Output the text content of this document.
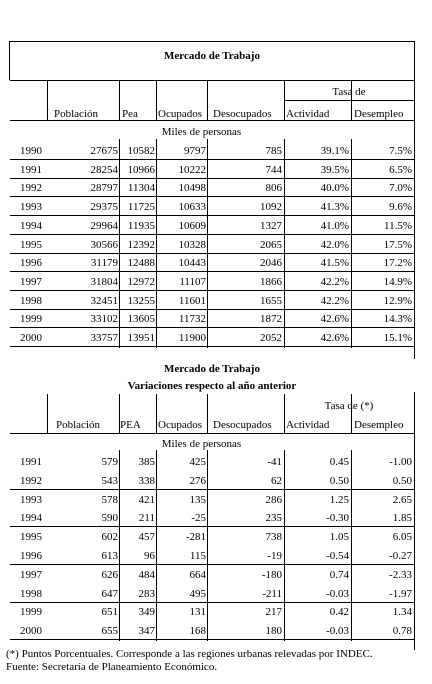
Mercado de Trabajo
Tasa de
Miles de personas
Mercado de Trabajo
Variaciones respecto al año anterior
Tasa de (*)
Miles de personas
(*) Puntos Porcentuales. Corresponde a las regiones urbanas relevadas por INDEC.
Fuente: Secretaría de Planeamiento Económico.
Población Pea Ocupados Desocupados Actividad Desempleo
1990	27675 10582	9797	785	39.1%	7.5%
1991	28254 10966	10222	744	39.5%	6.5%
1992	28797 11304	10498	806	40.0%	7.0%
1993	29375 11725	10633	1092	41.3%	9.6%
1994	29964 11935	10609	1327	41.0%	11.5%
1995	30566 12392	10328	2065	42.0%	17.5%
1996	31179 12488	10443	2046	41.5%	17.2%
1997	31804 12972	11107	1866	42.2%	14.9%
1998	32451 13255	11601	1655	42.2%	12.9%
1999	33102 13605	11732	1872	42.6%	14.3%
2000	33757 13951	11900	2052	42.6%	15.1%
Población PEA Ocupados Desocupados Actividad Desempleo
1991	579	385	425	-41	0.45	-1.00
1992	543	338	276	62	0.50	0.50
1993	578	421	135	286	1.25	2.65
1994	590	211	-25	235	-0.30	1.85
1995	602	457	-281	738	1.05	6.05
1996	613	96	115	-19	-0.54	-0.27
1997	626	484	664	-180	0.74	-2.33
1998	647	283	495	-211	-0.03	-1.97
1999	651	349	131	217	0.42	1.34
2000	655	347	168	180	-0.03	0.78
